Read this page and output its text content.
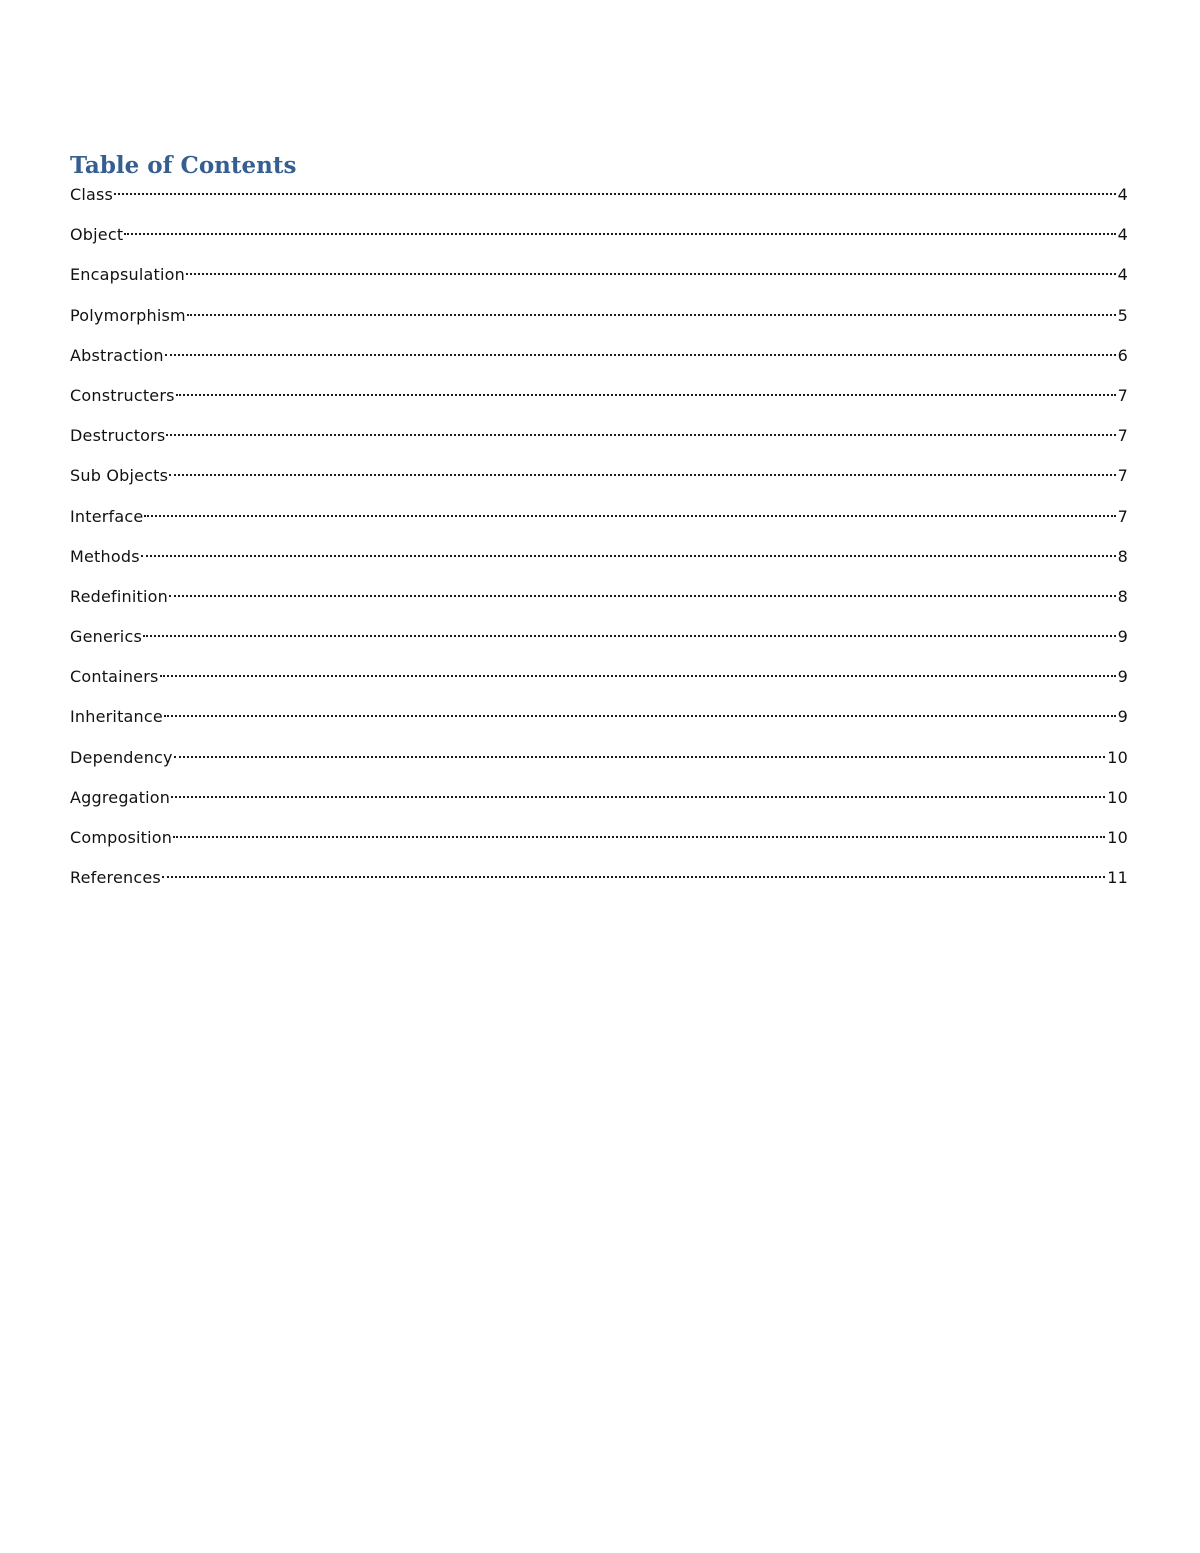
Table of Contents
Class	4
Object	4
Encapsulation	4
Polymorphism	5
Abstraction	6
Constructers	7
Destructors	7
Sub Objects	7
Interface	7
Methods	8
Redefinition	8
Generics	9
Containers	9
Inheritance	9
Dependency	10
Aggregation	10
Composition	10
References	11
